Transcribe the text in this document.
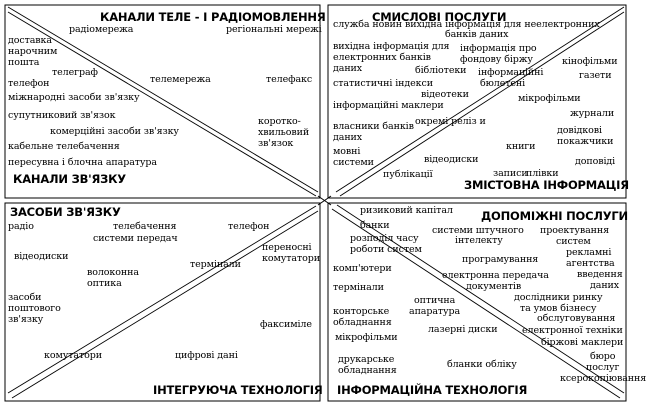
КАНАЛИ ТЕЛЕ - І РАДІОМОВЛЕННЯ
КАНАЛИ ЗВ'ЯЗКУ
радіомережа	регіональні мережі
доставка
нарочним
пошта
телеграф
телефон	телемережа	телефакс
міжнародні засоби зв'язку
супутниковий зв'язок
коротко-
хвильовий
зв'язок
комерційні засоби зв'язку
кабельне телебачення
пересувна і блочна апаратура
СМИСЛОВІ ПОСЛУГИ
ЗМІСТОВНА ІНФОРМАЦІЯ
служба новин вихідна інформація для неелектронних
банків даних
вихідна інформація для
електронних банків
даних
інформація про
фондову біржу
бібліотеки
кінофільми
статистичні індекси
інформаційні
бюлетені
газети
відеотеки
інформаційні маклери
мікрофільми
журнали
власники банків
даних
окремі реліз и
довідкові
покажчики
мовні
системи
книги
відеодиски	доповіді
записи
плівки
публікації
ЗАСОБИ ЗВ'ЯЗКУ
ІНТЕГРУЮЧА ТЕХНОЛОГІЯ
радіо	телебачення	телефон
системи передач
переносні
комутатори
відеодиски
волоконна
оптика
термінали
засоби
поштового
зв'язку	факсиміле
комутатори	цифрові дані
ДОПОМІЖНІ ПОСЛУГИ
ІНФОРМАЦІЙНА ТЕХНОЛОГІЯ
ризиковий капітал
банки
розподіл часу
роботи систем
системи штучного
інтелекту
проектування
систем
рекламні
агентства
програмування
комп'ютери
електронна передача
документів
введення
даних
термінали
дослідники ринку
та умов бізнесу
оптична
апаратура
обслуговування
конторське
обладнання
електронної техніки
лазерні диски
біржові маклери
мікрофільми
друкарське
обладнання
бюро
послуг
бланки обліку
ксерокопіювання
